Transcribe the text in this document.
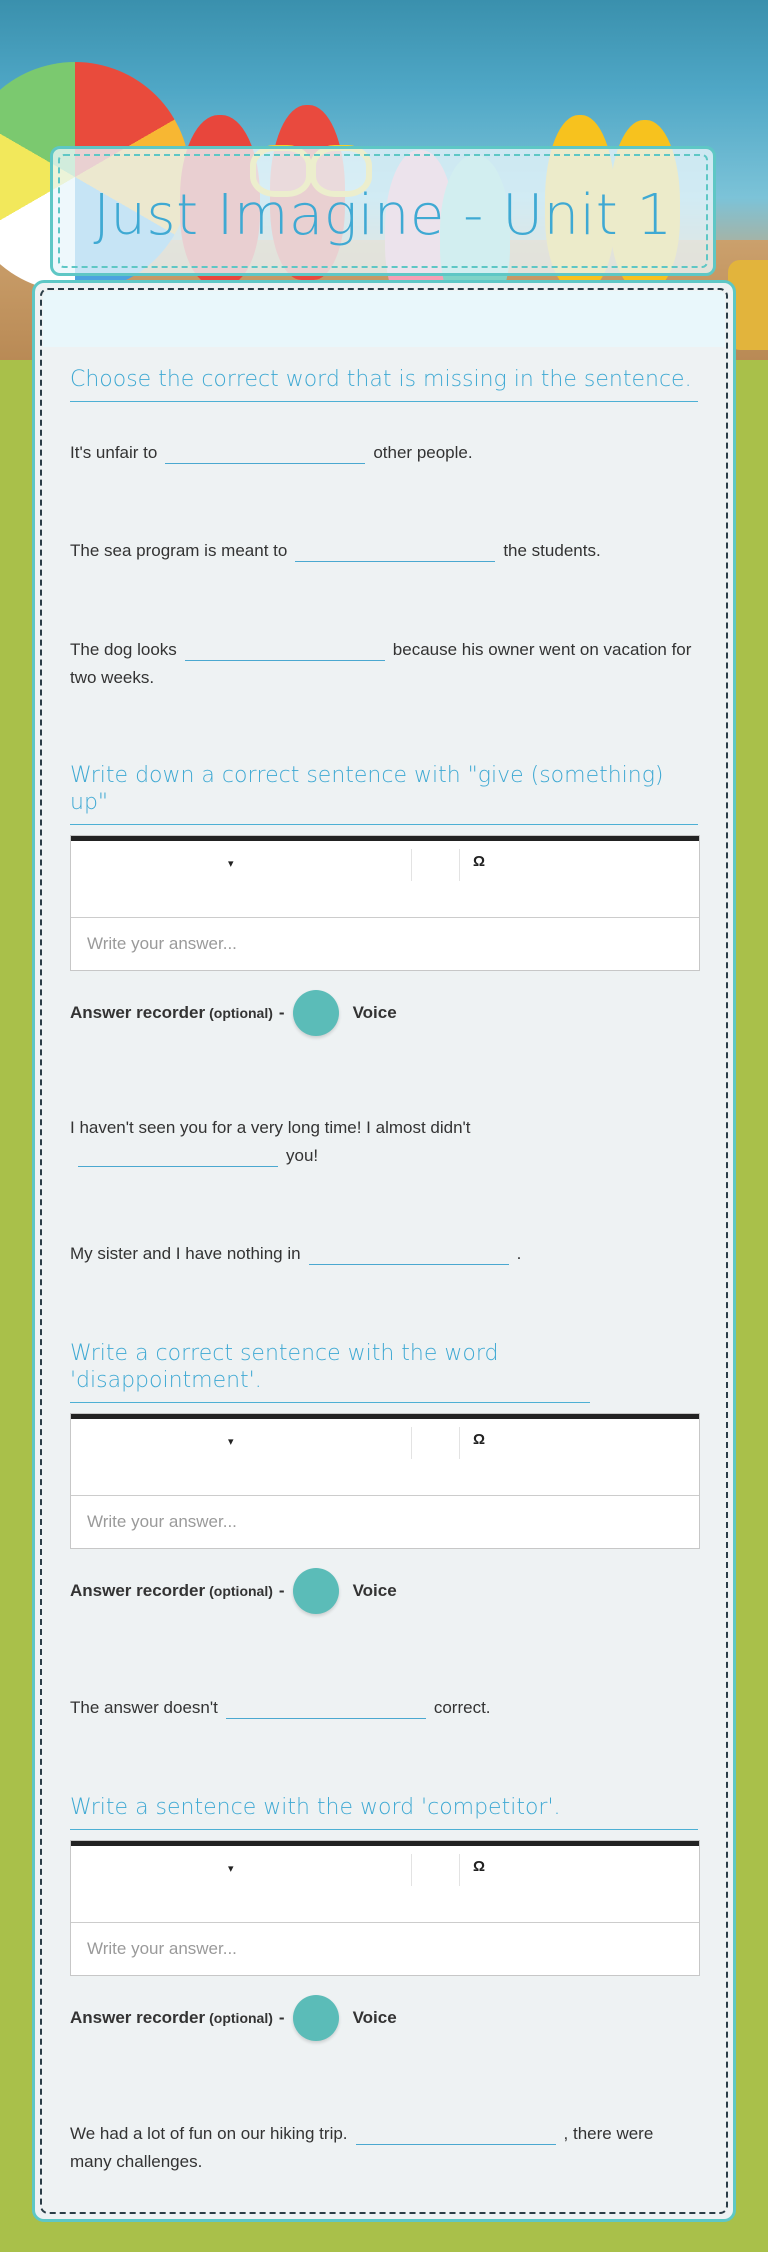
Just Imagine - Unit 1
Choose the correct word that is missing in the sentence.
It's unfair to	other people.
The sea program is meant to	the students.
The dog looks	because his owner went on vacation for two weeks.
Write down a correct sentence with "give (something) up"
▾	Ω
Write your answer...
Answer recorder (optional) -	Voice
I haven't seen you for a very long time! I almost didn'tyou!
My sister and I have nothing in	.
Write a correct sentence with the word 'disappointment'.
▾	Ω
Write your answer...
Answer recorder (optional) -	Voice
The answer doesn't	correct.
Write a sentence with the word 'competitor'.
▾	Ω
Write your answer...
Answer recorder (optional) -	Voice
We had a lot of fun on our hiking trip.	, there were many challenges.
